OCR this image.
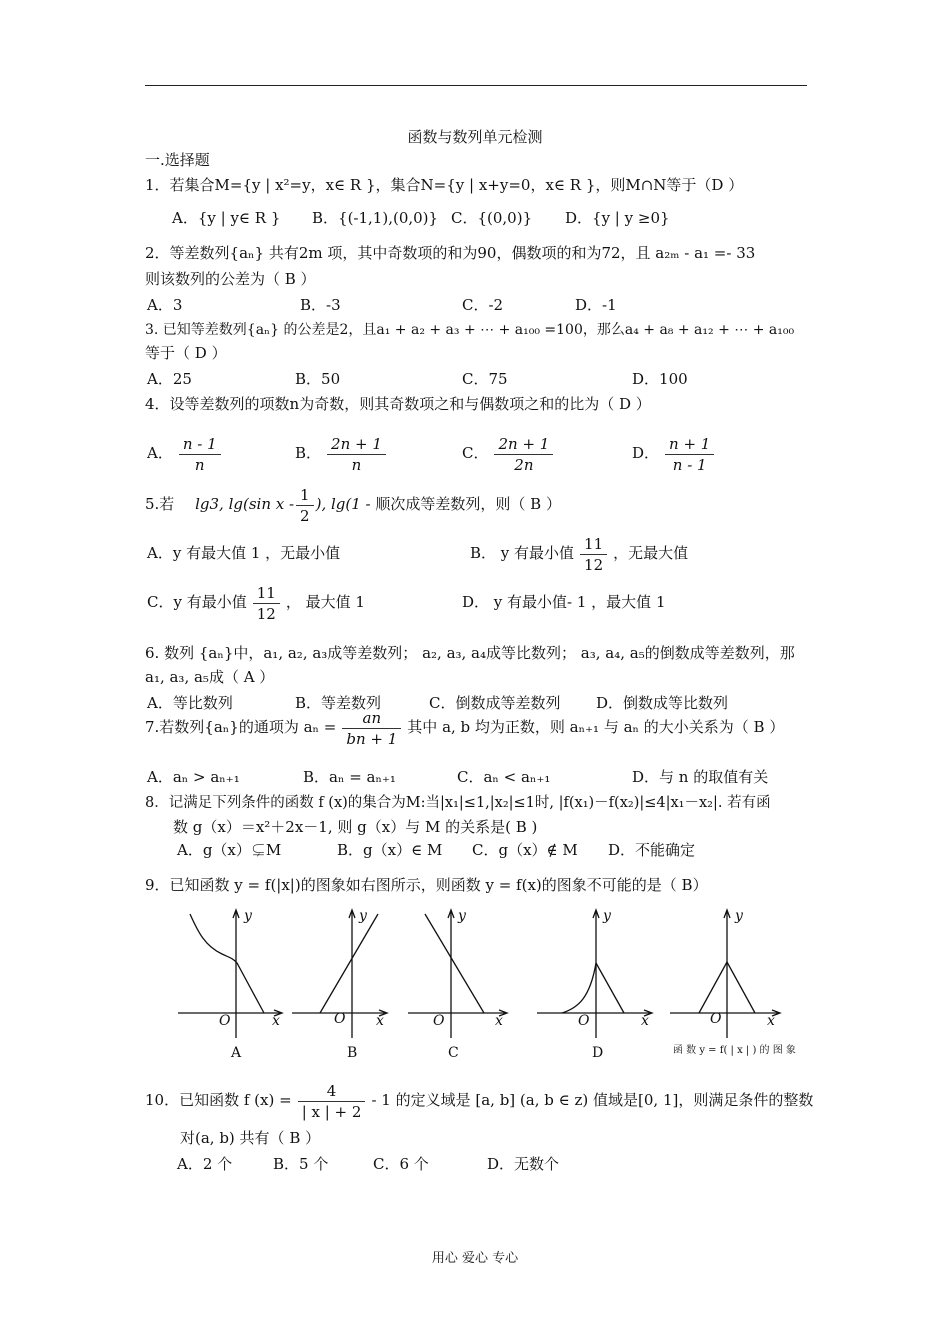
函数与数列单元检测
一.选择题
1．若集合M={y | x²=y，x∈ R }，集合N={y | x+y=0，x∈ R }，则M∩N等于（D ）
A．{y | y∈ R } B．{(-1,1),(0,0)} C．{(0,0)} D．{y | y ≥0}
2．等差数列{aₙ} 共有2m 项，其中奇数项的和为90，偶数项的和为72，且 a₂ₘ - a₁ =- 33
则该数列的公差为（ B ）
A．3	B．-3	C．-2	D．-1
3. 已知等差数列{aₙ} 的公差是2，且a₁ + a₂ + a₃ + ⋯ + a₁₀₀ =100，那么a₄ + a₈ + a₁₂ + ⋯ + a₁₀₀
等于（ D ）
A．25	B．50	C．75	D．100
4．设等差数列的项数n为奇数，则其奇数项之和与偶数项之和的比为（ D ）
A． $\frac{n - 1}{n}$	B． $\frac{2n + 1}{n}$	C． $\frac{2n + 1}{2n}$	D． $\frac{n + 1}{n - 1}$
5.若 lg3, lg(sin x - $\frac{1}{2}$ ), lg(1 - 顺次成等差数列，则（ B ）
A．y 有最大值 1 ，无最小值	B． y 有最小值 $\frac{11}{12}$ ，无最大值
C．y 有最小值 $\frac{11}{12}$ ， 最大值 1	D． y 有最小值- 1 ，最大值 1
6. 数列 {aₙ}中，a₁, a₂, a₃成等差数列； a₂, a₃, a₄成等比数列； a₃, a₄, a₅的倒数成等差数列，那
a₁, a₃, a₅成（ A ）
A．等比数列	B．等差数列	C．倒数成等差数列 D．倒数成等比数列
7.若数列{aₙ}的通项为 $a_n = \frac{an}{bn + 1}$ 其中 a, b 均为正数，则 aₙ₊₁ 与 aₙ 的大小关系为（ B ）
A．aₙ > aₙ₊₁	B．aₙ = aₙ₊₁	C．aₙ < aₙ₊₁	D．与 n 的取值有关
8．记满足下列条件的函数 f (x)的集合为M:当|x₁|≤1,|x₂|≤1时, |f(x₁)－f(x₂)|≤4|x₁－x₂|. 若有函
数 g（x）＝x²＋2x－1, 则 g（x）与 M 的关系是( B )
A．g（x）⊊M	B．g（x）∈ M C．g（x）∉ M D．不能确定
9．已知函数 y = f(|x|)的图象如右图所示，则函数 y = f(x)的图象不可能的是（ B）
y
x
O
A
y
x
O
B
y
x
O
C
y
x
O
D
y
x
O
函 数 y = f( | x | ) 的 图 象
10．已知函数 f $(x) = \frac{4}{| x | + 2} - 1$ 的定义域是 [a, b] (a, b ∈ z) 值域是[0, 1]，则满足条件的整数
对(a, b) 共有（ B ）
A．2 个	B．5 个	C．6 个	D．无数个
用心 爱心 专心
